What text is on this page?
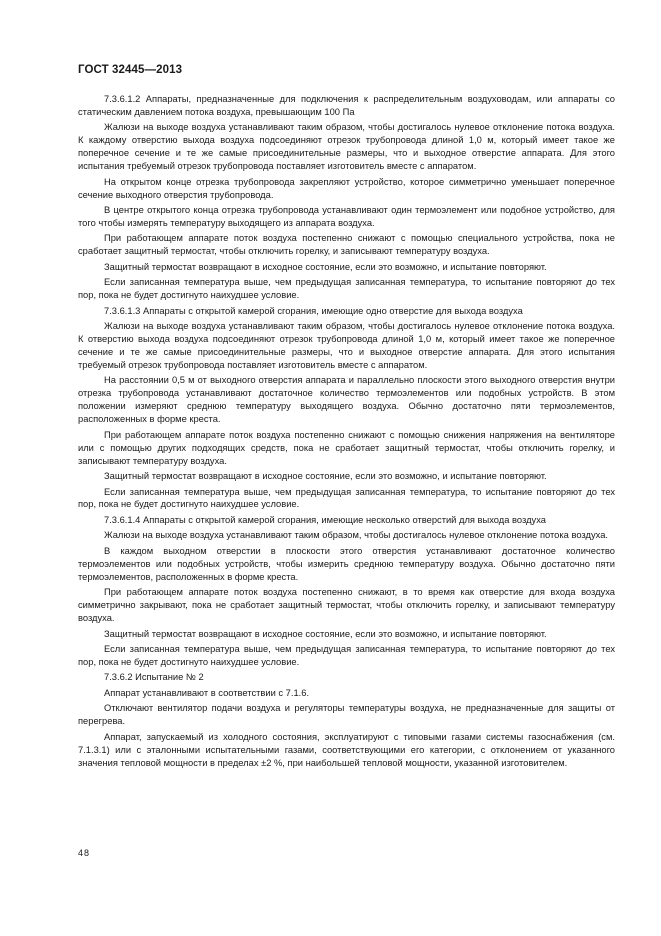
ГОСТ 32445—2013

7.3.6.1.2 Аппараты, предназначенные для подключения к распределительным воздуховодам, или аппараты со статическим давлением потока воздуха, превышающим 100 Па

Жалюзи на выходе воздуха устанавливают таким образом, чтобы достигалось нулевое отклонение потока воздуха. К каждому отверстию выхода воздуха подсоединяют отрезок трубопровода длиной 1,0 м, который имеет такое же поперечное сечение и те же самые присоединительные размеры, что и выходное отверстие аппарата. Для этого испытания требуемый отрезок трубопровода поставляет изготовитель вместе с аппаратом.

На открытом конце отрезка трубопровода закрепляют устройство, которое симметрично уменьшает поперечное сечение выходного отверстия трубопровода.

В центре открытого конца отрезка трубопровода устанавливают один термоэлемент или подобное устройство, для того чтобы измерять температуру выходящего из аппарата воздуха.

При работающем аппарате поток воздуха постепенно снижают с помощью специального устройства, пока не сработает защитный термостат, чтобы отключить горелку, и записывают температуру воздуха.

Защитный термостат возвращают в исходное состояние, если это возможно, и испытание повторяют.

Если записанная температура выше, чем предыдущая записанная температура, то испытание повторяют до тех пор, пока не будет достигнуто наихудшее условие.

7.3.6.1.3 Аппараты с открытой камерой сгорания, имеющие одно отверстие для выхода воздуха

Жалюзи на выходе воздуха устанавливают таким образом, чтобы достигалось нулевое отклонение потока воздуха. К отверстию выхода воздуха подсоединяют отрезок трубопровода длиной 1,0 м, который имеет такое же поперечное сечение и те же самые присоединительные размеры, что и выходное отверстие аппарата. Для этого испытания требуемый отрезок трубопровода поставляет изготовитель вместе с аппаратом.

На расстоянии 0,5 м от выходного отверстия аппарата и параллельно плоскости этого выходного отверстия внутри отрезка трубопровода устанавливают достаточное количество термоэлементов или подобных устройств. В этом положении измеряют среднюю температуру выходящего воздуха. Обычно достаточно пяти термоэлементов, расположенных в форме креста.

При работающем аппарате поток воздуха постепенно снижают с помощью снижения напряжения на вентиляторе или с помощью других подходящих средств, пока не сработает защитный термостат, чтобы отключить горелку, и записывают температуру воздуха.

Защитный термостат возвращают в исходное состояние, если это возможно, и испытание повторяют.

Если записанная температура выше, чем предыдущая записанная температура, то испытание повторяют до тех пор, пока не будет достигнуто наихудшее условие.

7.3.6.1.4 Аппараты с открытой камерой сгорания, имеющие несколько отверстий для выхода воздуха

Жалюзи на выходе воздуха устанавливают таким образом, чтобы достигалось нулевое отклонение потока воздуха.

В каждом выходном отверстии в плоскости этого отверстия устанавливают достаточное количество термоэлементов или подобных устройств, чтобы измерить среднюю температуру воздуха. Обычно достаточно пяти термоэлементов, расположенных в форме креста.

При работающем аппарате поток воздуха постепенно снижают, в то время как отверстие для входа воздуха симметрично закрывают, пока не сработает защитный термостат, чтобы отключить горелку, и записывают температуру воздуха.

Защитный термостат возвращают в исходное состояние, если это возможно, и испытание повторяют.

Если записанная температура выше, чем предыдущая записанная температура, то испытание повторяют до тех пор, пока не будет достигнуто наихудшее условие.

7.3.6.2 Испытание № 2

Аппарат устанавливают в соответствии с 7.1.6.

Отключают вентилятор подачи воздуха и регуляторы температуры воздуха, не предназначенные для защиты от перегрева.

Аппарат, запускаемый из холодного состояния, эксплуатируют с типовыми газами системы газоснабжения (см. 7.1.3.1) или с эталонными испытательными газами, соответствующими его категории, с отклонением от указанного значения тепловой мощности в пределах ±2 %, при наибольшей тепловой мощности, указанной изготовителем.

48
